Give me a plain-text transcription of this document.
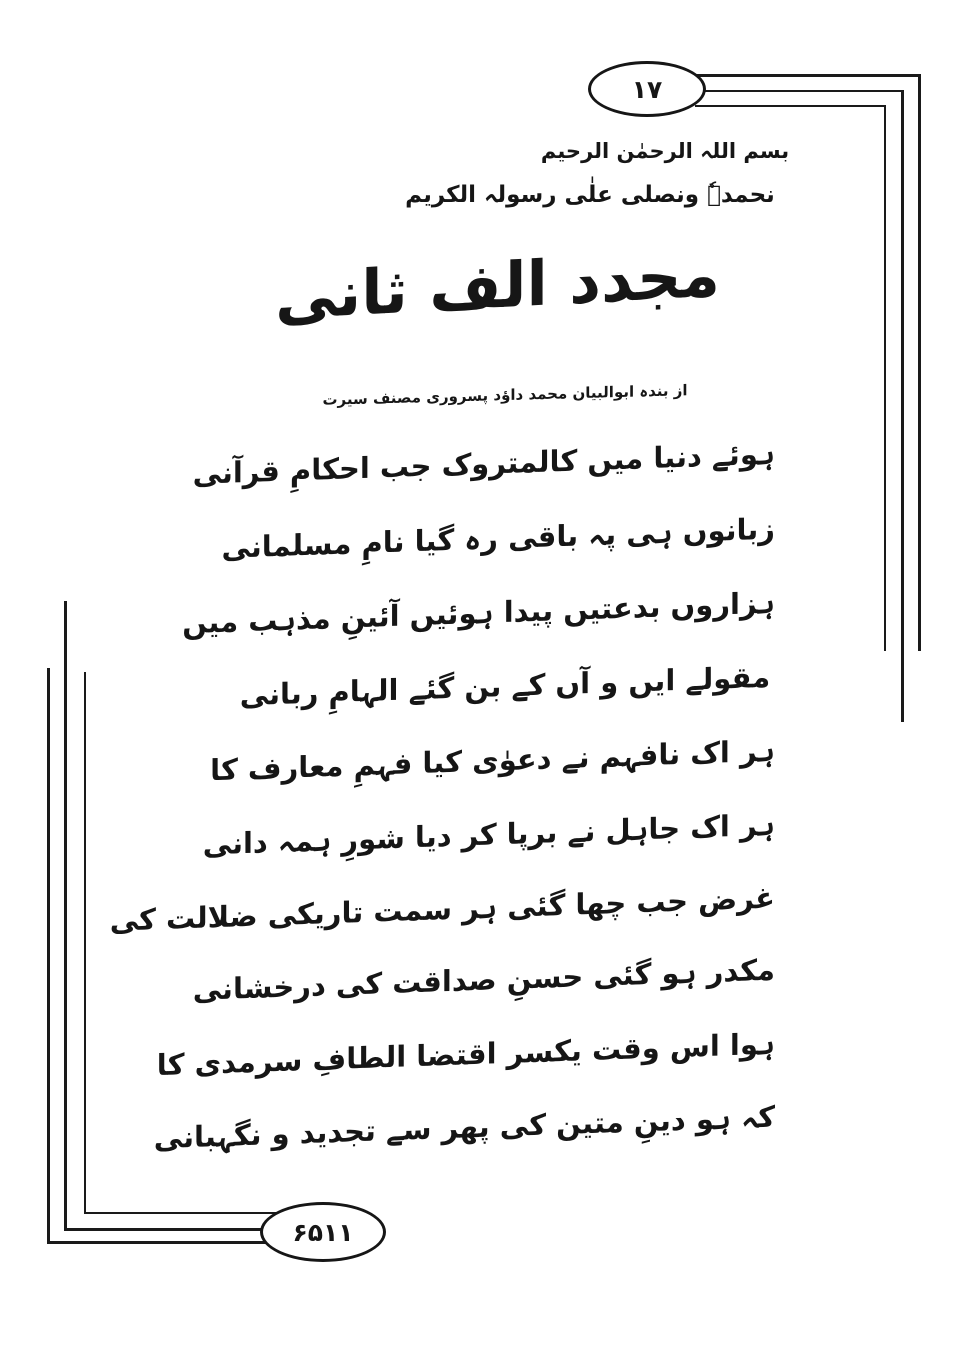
۱۷
۶۵۱۱
بسم اللہ الرحمٰن الرحیم
نحمدہٗ ونصلی علٰی رسولہ الکریم
مجدد الف ثانی
از بندہ ابوالبیان محمد داؤد پسروری مصنف سیرت
ہوئے دنیا میں کالمتروک جب احکامِ قرآنی
زبانوں ہی پہ باقی رہ گیا نامِ مسلمانی
ہزاروں بدعتیں پیدا ہوئیں آئینِ مذہب میں
مقولے ایں و آں کے بن گئے الہامِ ربانی
ہر اک نافہم نے دعوٰی کیا فہمِ معارف کا
ہر اک جاہل نے برپا کر دیا شورِ ہمہ دانی
غرض جب چھا گئی ہر سمت تاریکی ضلالت کی
مکدر ہو گئی حسنِ صداقت کی درخشانی
ہوا اس وقت یکسر اقتضا الطافِ سرمدی کا
کہ ہو دینِ متین کی پھر سے تجدید و نگہبانی
